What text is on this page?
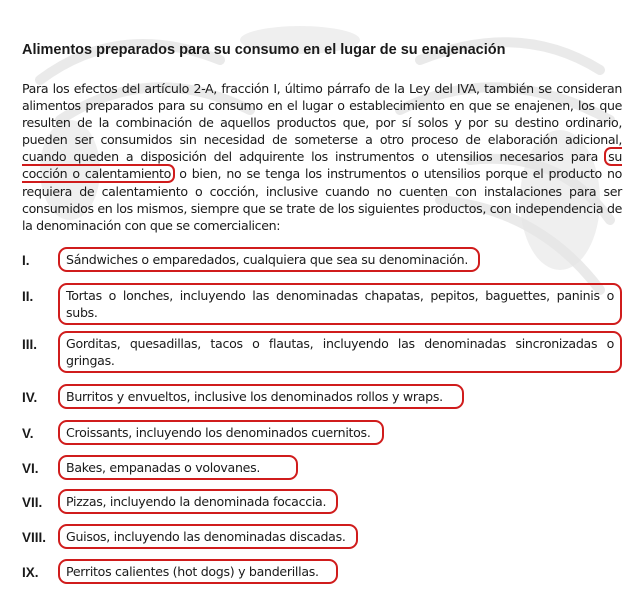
Alimentos preparados para su consumo en el lugar de su enajenación

Para los efectos del artículo 2-A, fracción I, último párrafo de la Ley del IVA, también se consideran alimentos preparados para su consumo en el lugar o establecimiento en que se enajenen, los que resulten de la combinación de aquellos productos que, por sí solos y por su destino ordinario, pueden ser consumidos sin necesidad de someterse a otro proceso de elaboración adicional, cuando queden a disposición del adquirente los instrumentos o utensilios necesarios para su cocción o calentamiento o bien, no se tenga los instrumentos o utensilios porque el producto no requiera de calentamiento o cocción, inclusive cuando no cuenten con instalaciones para ser consumidos en los mismos, siempre que se trate de los siguientes productos, con independencia de la denominación con que se comercialicen:

I.	Sándwiches o emparedados, cualquiera que sea su denominación.
II.	Tortas o lonches, incluyendo las denominadas chapatas, pepitos, baguettes, paninis o subs.
III.	Gorditas, quesadillas, tacos o flautas, incluyendo las denominadas sincronizadas o gringas.
IV.	Burritos y envueltos, inclusive los denominados rollos y wraps.
V.	Croissants, incluyendo los denominados cuernitos.
VI.	Bakes, empanadas o volovanes.
VII.	Pizzas, incluyendo la denominada focaccia.
VIII.	Guisos, incluyendo las denominadas discadas.
IX.	Perritos calientes (hot dogs) y banderillas.
